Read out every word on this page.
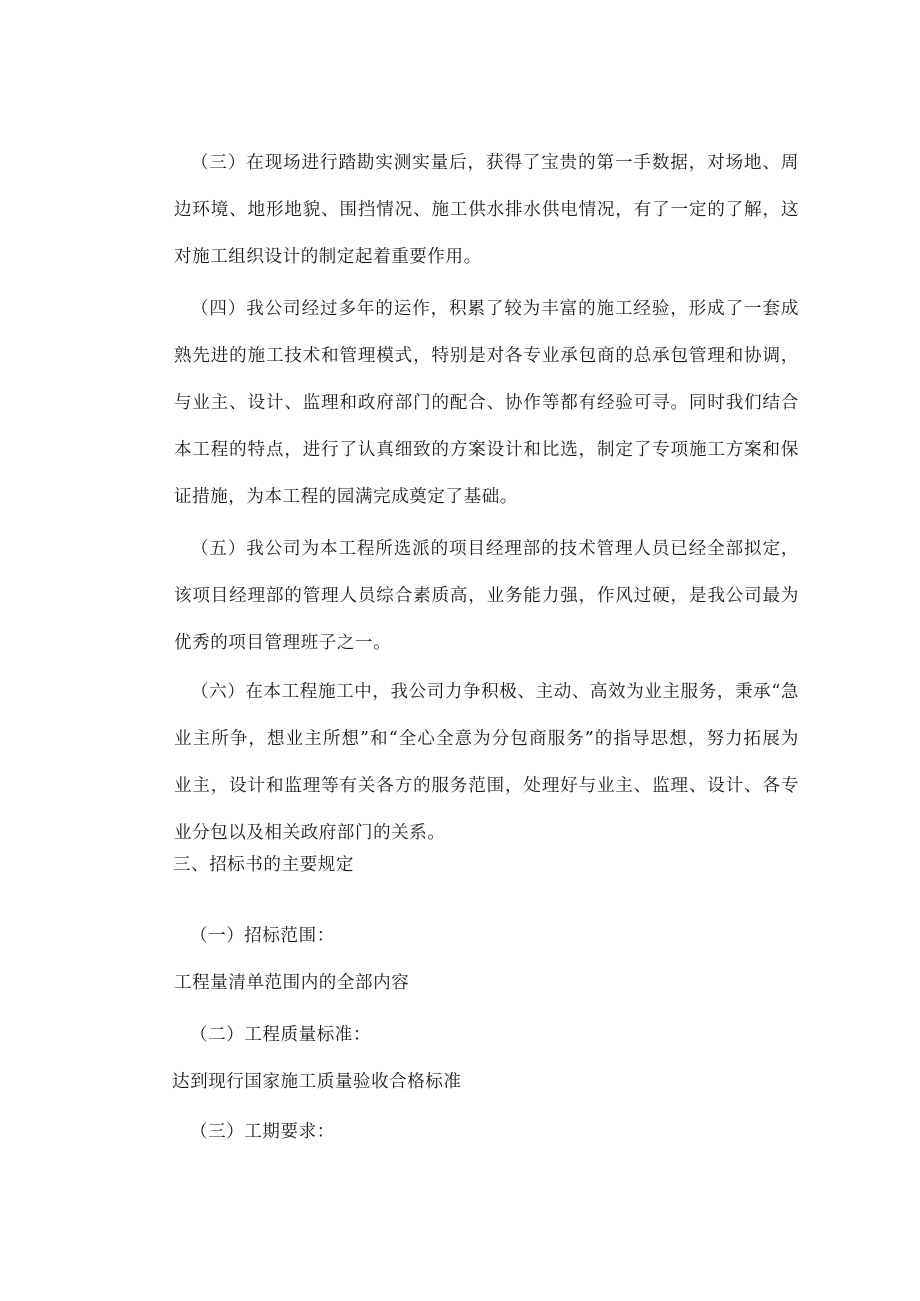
（三）在现场进行踏勘实测实量后，获得了宝贵的第一手数据，对场地、周边环境、地形地貌、围挡情况、施工供水排水供电情况，有了一定的了解，这对施工组织设计的制定起着重要作用。

（四）我公司经过多年的运作，积累了较为丰富的施工经验，形成了一套成熟先进的施工技术和管理模式，特别是对各专业承包商的总承包管理和协调，与业主、设计、监理和政府部门的配合、协作等都有经验可寻。同时我们结合本工程的特点，进行了认真细致的方案设计和比选，制定了专项施工方案和保证措施，为本工程的园满完成奠定了基础。

（五）我公司为本工程所选派的项目经理部的技术管理人员已经全部拟定，该项目经理部的管理人员综合素质高，业务能力强，作风过硬，是我公司最为优秀的项目管理班子之一。

（六）在本工程施工中，我公司力争积极、主动、高效为业主服务，秉承“急业主所争，想业主所想”和“全心全意为分包商服务”的指导思想，努力拓展为业主，设计和监理等有关各方的服务范围，处理好与业主、监理、设计、各专业分包以及相关政府部门的关系。

三、招标书的主要规定
（一）招标范围：
工程量清单范围内的全部内容
（二）工程质量标准：
达到现行国家施工质量验收合格标准
（三）工期要求：
